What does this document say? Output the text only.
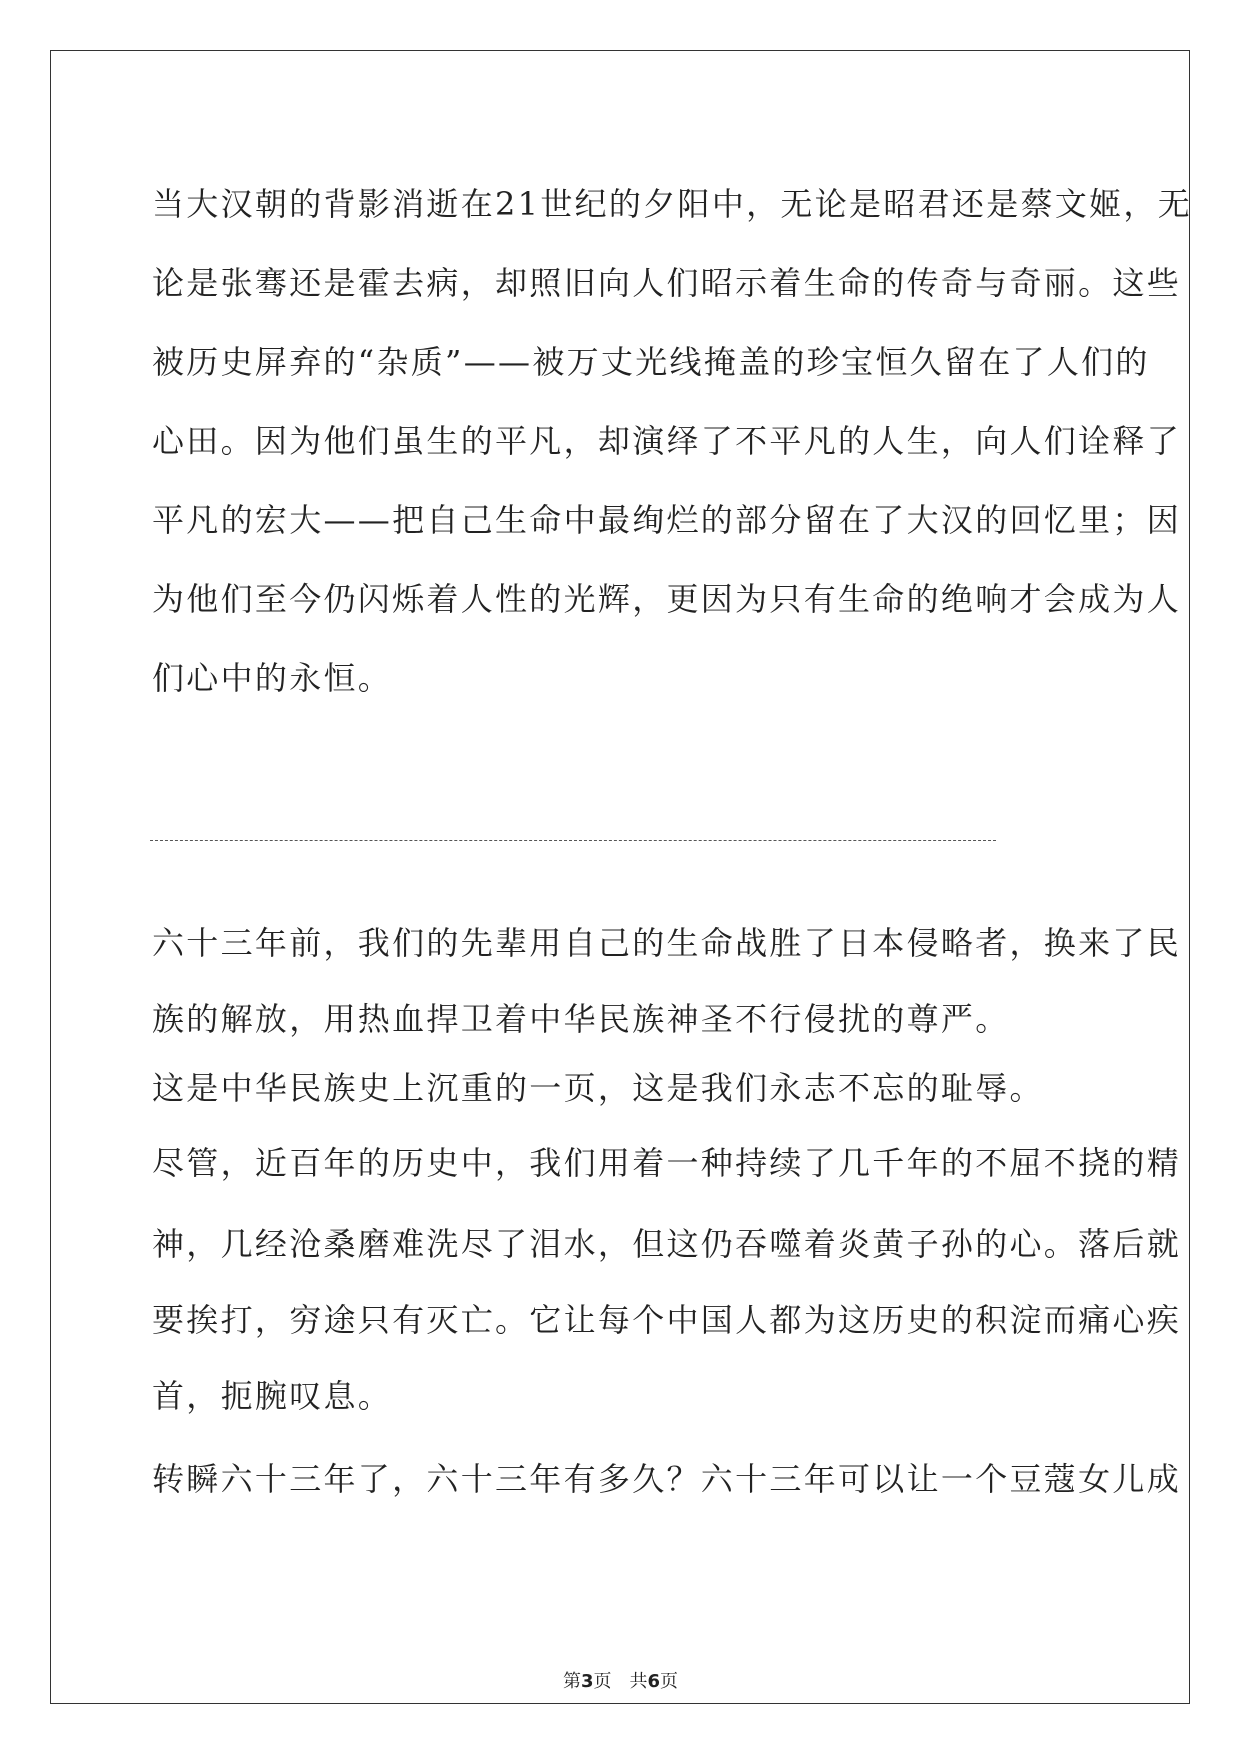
当大汉朝的背影消逝在21世纪的夕阳中，无论是昭君还是蔡文姬，无

论是张骞还是霍去病，却照旧向人们昭示着生命的传奇与奇丽。这些

被历史屏弃的“杂质”——被万丈光线掩盖的珍宝恒久留在了人们的

心田。因为他们虽生的平凡，却演绎了不平凡的人生，向人们诠释了

平凡的宏大——把自己生命中最绚烂的部分留在了大汉的回忆里；因

为他们至今仍闪烁着人性的光辉，更因为只有生命的绝响才会成为人

们心中的永恒。

六十三年前，我们的先辈用自己的生命战胜了日本侵略者，换来了民

族的解放，用热血捍卫着中华民族神圣不行侵扰的尊严。

这是中华民族史上沉重的一页，这是我们永志不忘的耻辱。

尽管，近百年的历史中，我们用着一种持续了几千年的不屈不挠的精

神，几经沧桑磨难洗尽了泪水，但这仍吞噬着炎黄子孙的心。落后就

要挨打，穷途只有灭亡。它让每个中国人都为这历史的积淀而痛心疾

首，扼腕叹息。

转瞬六十三年了，六十三年有多久？六十三年可以让一个豆蔻女儿成

第3页　共6页
